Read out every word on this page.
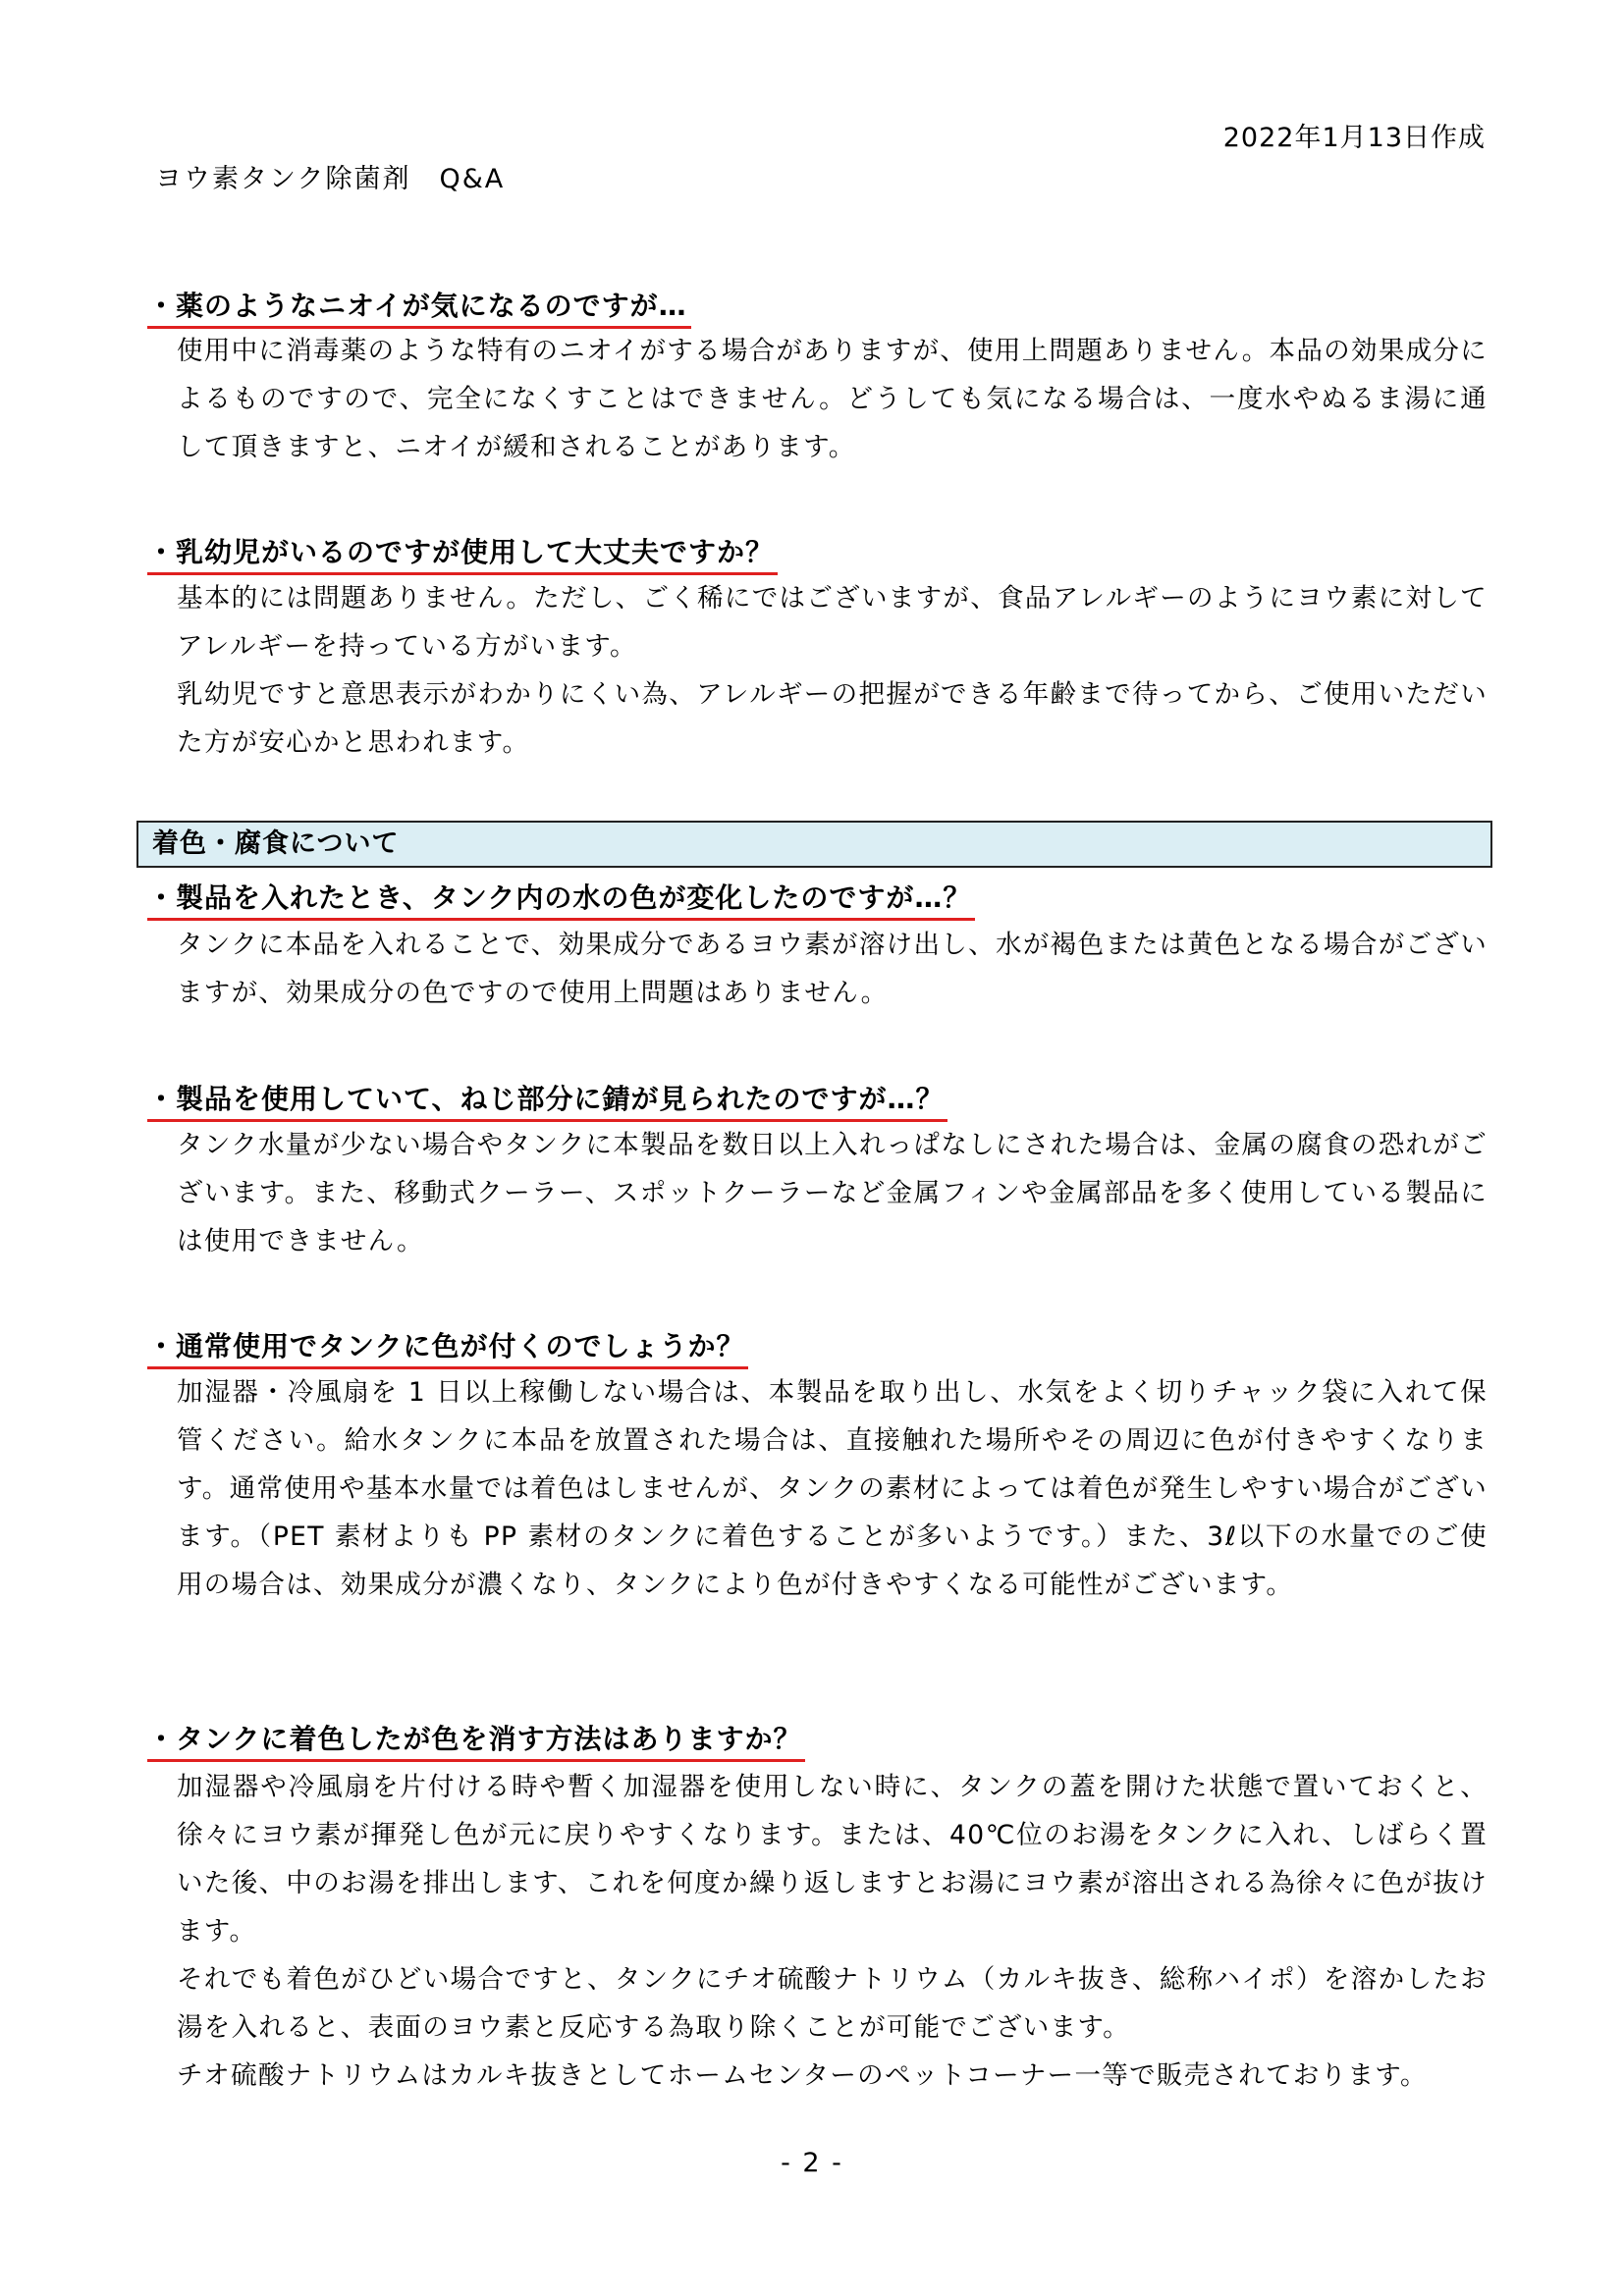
2022年1月13日作成
ヨウ素タンク除菌剤　Q&A
・薬のようなニオイが気になるのですが…

使用中に消毒薬のような特有のニオイがする場合がありますが、使用上問題ありません。本品の効果成分によるものですので、完全になくすことはできません。どうしても気になる場合は、一度水やぬるま湯に通して頂きますと、ニオイが緩和されることがあります。

・乳幼児がいるのですが使用して大丈夫ですか？

基本的には問題ありません。ただし、ごく稀にではございますが、食品アレルギーのようにヨウ素に対してアレルギーを持っている方がいます。

乳幼児ですと意思表示がわかりにくい為、アレルギーの把握ができる年齢まで待ってから、ご使用いただいた方が安心かと思われます。

着色・腐食について
・製品を入れたとき、タンク内の水の色が変化したのですが…？

タンクに本品を入れることで、効果成分であるヨウ素が溶け出し、水が褐色または黄色となる場合がございますが、効果成分の色ですので使用上問題はありません。

・製品を使用していて、ねじ部分に錆が見られたのですが…？

タンク水量が少ない場合やタンクに本製品を数日以上入れっぱなしにされた場合は、金属の腐食の恐れがございます。また、移動式クーラー、スポットクーラーなど金属フィンや金属部品を多く使用している製品には使用できません。

・通常使用でタンクに色が付くのでしょうか？

加湿器・冷風扇を 1 日以上稼働しない場合は、本製品を取り出し、水気をよく切りチャック袋に入れて保管ください。給水タンクに本品を放置された場合は、直接触れた場所やその周辺に色が付きやすくなります。通常使用や基本水量では着色はしませんが、タンクの素材によっては着色が発生しやすい場合がございます。（PET 素材よりも PP 素材のタンクに着色することが多いようです。）また、3ℓ以下の水量でのご使用の場合は、効果成分が濃くなり、タンクにより色が付きやすくなる可能性がございます。

・タンクに着色したが色を消す方法はありますか？

加湿器や冷風扇を片付ける時や暫く加湿器を使用しない時に、タンクの蓋を開けた状態で置いておくと、徐々にヨウ素が揮発し色が元に戻りやすくなります。または、40℃位のお湯をタンクに入れ、しばらく置いた後、中のお湯を排出します、これを何度か繰り返しますとお湯にヨウ素が溶出される為徐々に色が抜けます。

それでも着色がひどい場合ですと、タンクにチオ硫酸ナトリウム（カルキ抜き、総称ハイポ）を溶かしたお湯を入れると、表面のヨウ素と反応する為取り除くことが可能でございます。

チオ硫酸ナトリウムはカルキ抜きとしてホームセンターのペットコーナー一等で販売されております。

- 2 -
